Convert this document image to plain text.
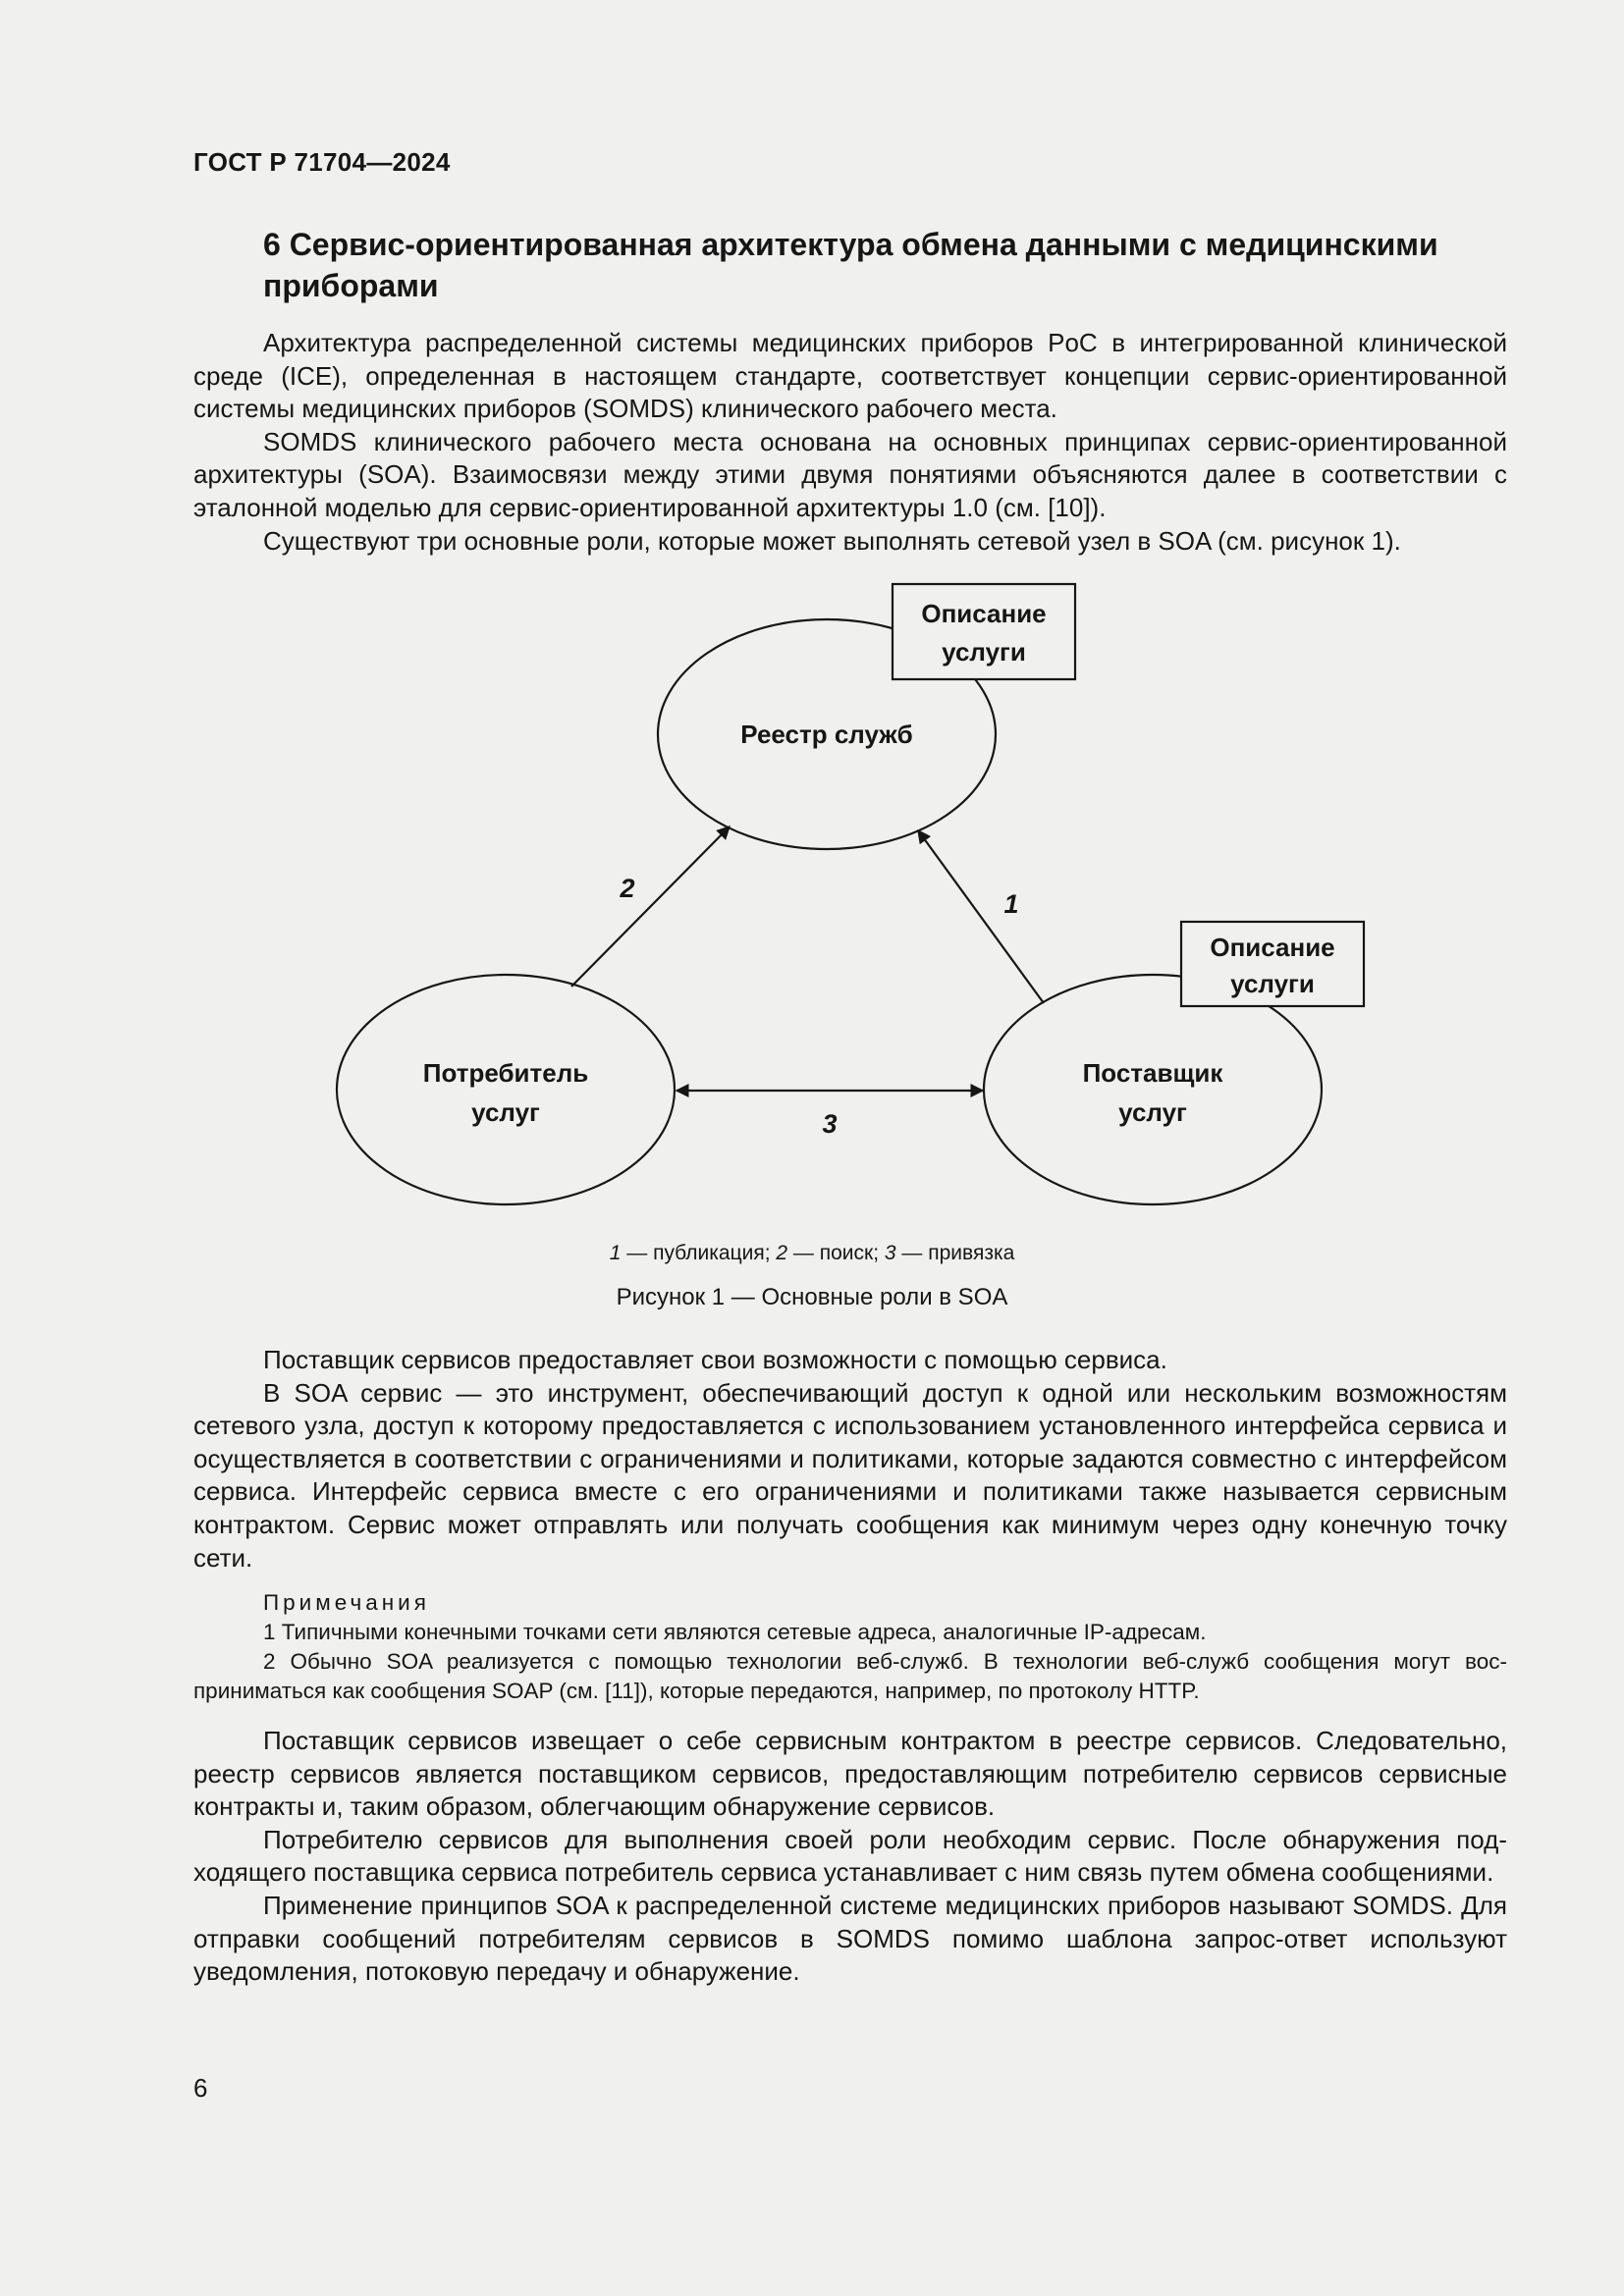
ГОСТ Р 71704—2024
6 Сервис-ориентированная архитектура обмена данными с медицинскими приборами

Архитектура распределенной системы медицинских приборов PoC в интегрированной клинической среде (ICE), определенная в настоящем стандарте, соответствует концепции сервис-ориентированной системы медицинских приборов (SOMDS) клинического рабочего места.

SOMDS клинического рабочего места основана на основных принципах сервис-ориентированной архитектуры (SOA). Взаимосвязи между этими двумя понятиями объясняются далее в соответствии с эталонной моделью для сервис-ориентированной архитектуры 1.0 (см. [10]).

Существуют три основные роли, которые может выполнять сетевой узел в SOA (см. рисунок 1).

Реестр служб
Потребитель
услуг
Описание
услуги
Описание
услуги
Поставщик
услуг
2
1
3
1 — публикация; 2 — поиск; 3 — привязка
Рисунок 1 — Основные роли в SOA

Поставщик сервисов предоставляет свои возможности с помощью сервиса.

В SOA сервис — это инструмент, обеспечивающий доступ к одной или нескольким возможностям сетевого узла, доступ к которому предоставляется с использованием установленного интерфейса сервиса и осуществляется в соответствии с ограничениями и политиками, которые задаются совместно с интерфейсом сервиса. Интерфейс сервиса вместе с его ограничениями и политиками также называется сервисным контрактом. Сервис может отправлять или получать сообщения как минимум через одну конечную точку сети.

Примечания

1 Типичными конечными точками сети являются сетевые адреса, аналогичные IP-адресам.

2 Обычно SOA реализуется с помощью технологии веб-служб. В технологии веб-служб сообщения могут восприниматься как сообщения SOAP (см. [11]), которые передаются, например, по протоколу HTTP.

Поставщик сервисов извещает о себе сервисным контрактом в реестре сервисов. Следовательно, реестр сервисов является поставщиком сервисов, предоставляющим потребителю сервисов сервисные контракты и, таким образом, облегчающим обнаружение сервисов.

Потребителю сервисов для выполнения своей роли необходим сервис. После обнаружения подходящего поставщика сервиса потребитель сервиса устанавливает с ним связь путем обмена сообщениями.

Применение принципов SOA к распределенной системе медицинских приборов называют SOMDS. Для отправки сообщений потребителям сервисов в SOMDS помимо шаблона запрос-ответ используют уведомления, потоковую передачу и обнаружение.

6
